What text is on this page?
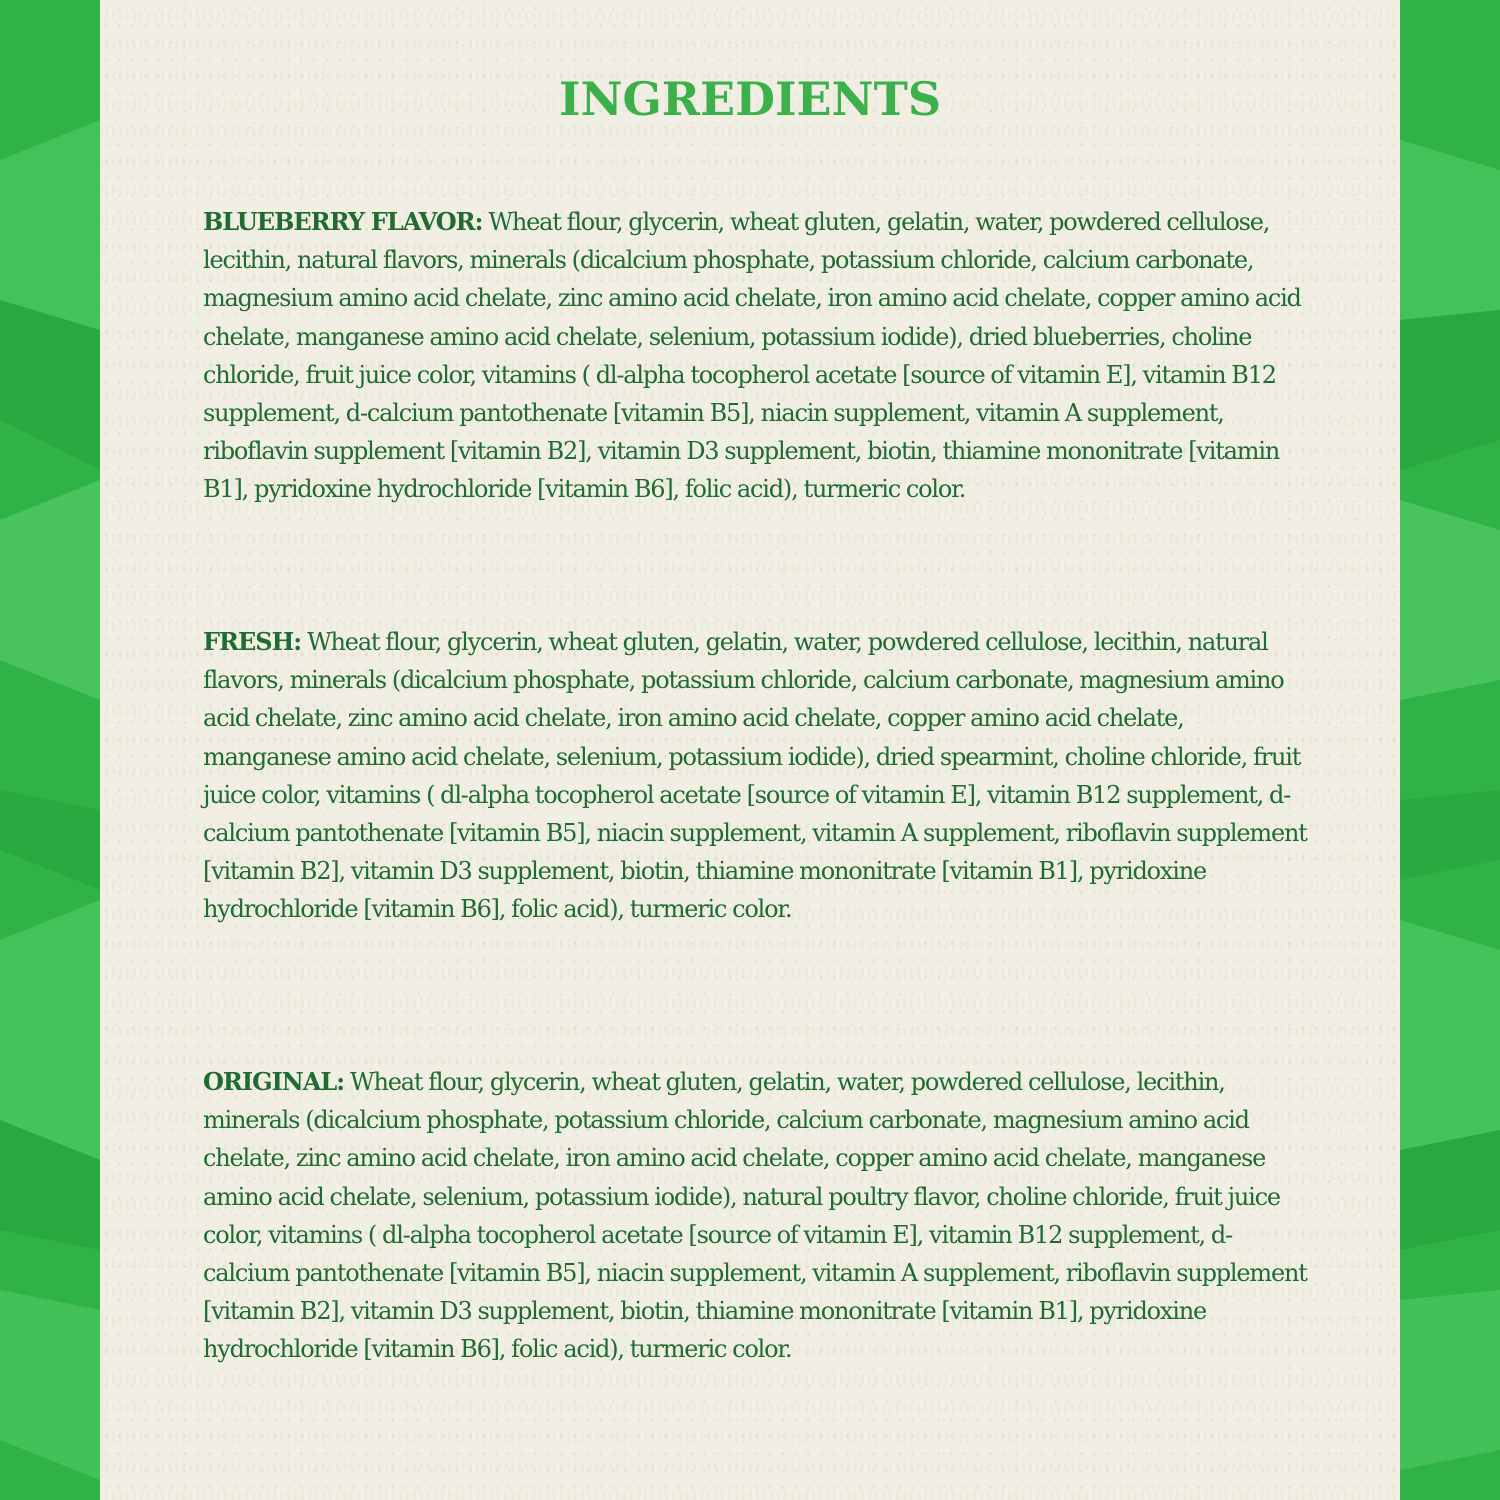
INGREDIENTS

BLUEBERRY FLAVOR: Wheat flour, glycerin, wheat gluten, gelatin, water, powdered cellulose, lecithin, natural flavors, minerals (dicalcium phosphate, potassium chloride, calcium carbonate, magnesium amino acid chelate, zinc amino acid chelate, iron amino acid chelate, copper amino acid chelate, manganese amino acid chelate, selenium, potassium iodide), dried blueberries, choline chloride, fruit juice color, vitamins ( dl-alpha tocopherol acetate [source of vitamin E], vitamin B12 supplement, d-calcium pantothenate [vitamin B5], niacin supplement, vitamin A supplement, riboflavin supplement [vitamin B2], vitamin D3 supplement, biotin, thiamine mononitrate [vitamin B1], pyridoxine hydrochloride [vitamin B6], folic acid), turmeric color.

FRESH: Wheat flour, glycerin, wheat gluten, gelatin, water, powdered cellulose, lecithin, natural flavors, minerals (dicalcium phosphate, potassium chloride, calcium carbonate, magnesium amino acid chelate, zinc amino acid chelate, iron amino acid chelate, copper amino acid chelate, manganese amino acid chelate, selenium, potassium iodide), dried spearmint, choline chloride, fruit juice color, vitamins ( dl-alpha tocopherol acetate [source of vitamin E], vitamin B12 supplement, d-calcium pantothenate [vitamin B5], niacin supplement, vitamin A supplement, riboflavin supplement [vitamin B2], vitamin D3 supplement, biotin, thiamine mononitrate [vitamin B1], pyridoxine hydrochloride [vitamin B6], folic acid), turmeric color.

ORIGINAL: Wheat flour, glycerin, wheat gluten, gelatin, water, powdered cellulose, lecithin, minerals (dicalcium phosphate, potassium chloride, calcium carbonate, magnesium amino acid chelate, zinc amino acid chelate, iron amino acid chelate, copper amino acid chelate, manganese amino acid chelate, selenium, potassium iodide), natural poultry flavor, choline chloride, fruit juice color, vitamins ( dl-alpha tocopherol acetate [source of vitamin E], vitamin B12 supplement, d-calcium pantothenate [vitamin B5], niacin supplement, vitamin A supplement, riboflavin supplement [vitamin B2], vitamin D3 supplement, biotin, thiamine mononitrate [vitamin B1], pyridoxine hydrochloride [vitamin B6], folic acid), turmeric color.
